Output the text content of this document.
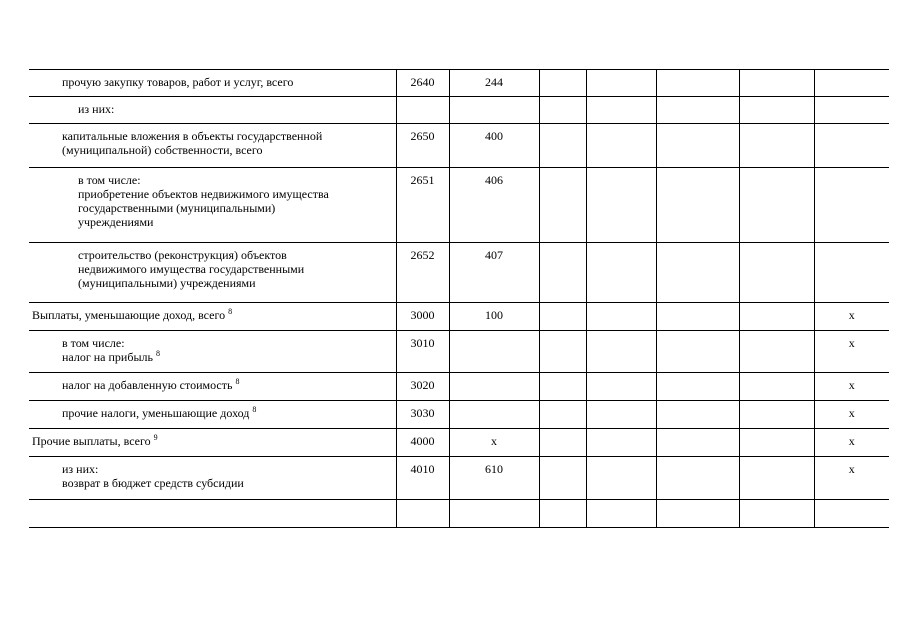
прочую закупку товаров, работ и услуг, всего	2640	244					
из них:							
капитальные вложения в объекты государственной
(муниципальной) собственности, всего	2650	400					
в том числе:
приобретение объектов недвижимого имущества
государственными (муниципальными)
учреждениями	2651	406					
строительство (реконструкция) объектов
недвижимого имущества государственными
(муниципальными) учреждениями	2652	407					
Выплаты, уменьшающие доход, всего $^8$	3000	100					x
в том числе:
налог на прибыль $^8$	3010						x
налог на добавленную стоимость $^8$	3020						x
прочие налоги, уменьшающие доход $^8$	3030						x
Прочие выплаты, всего $^9$	4000	x					x
из них:
возврат в бюджет средств субсидии	4010	610					x
